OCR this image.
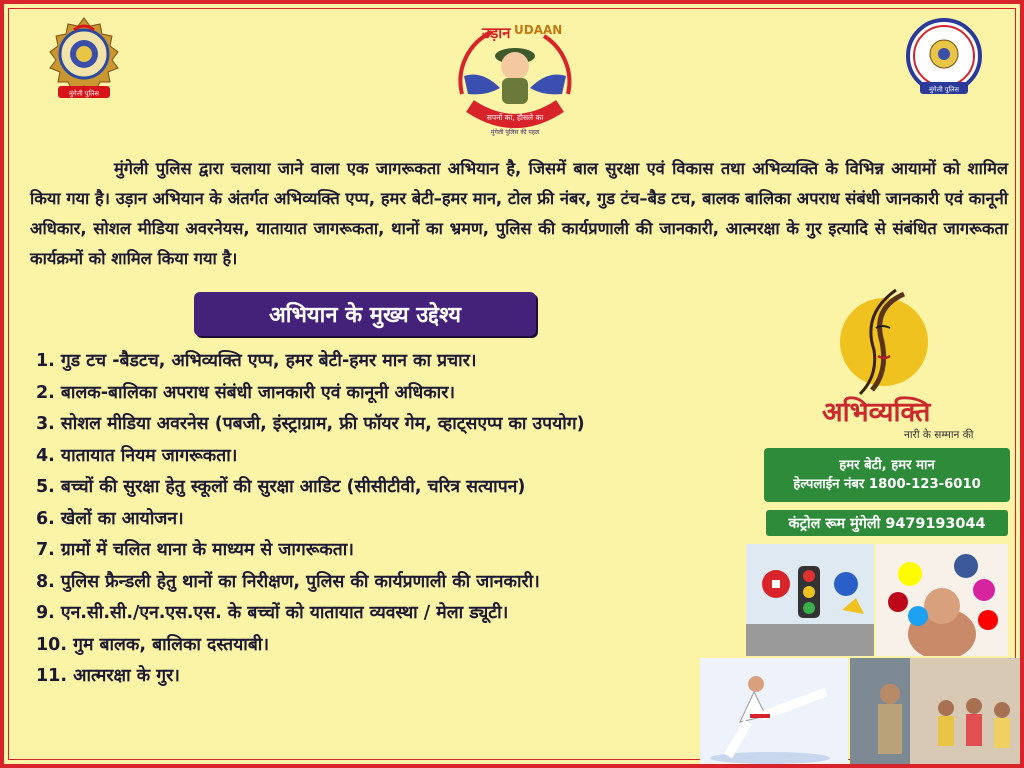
मुंगेली पुलिस
उड़ान UDAAN
सपनों का, हौसले का
मुंगेली पुलिस की पहल
मुंगेली पुलिस

मुंगेली पुलिस द्वारा चलाया जाने वाला एक जागरूकता अभियान है, जिसमें बाल सुरक्षा एवं विकास तथा अभिव्यक्ति के विभिन्न आयामों को शामिल किया गया है। उड़ान अभियान के अंतर्गत अभिव्यक्ति एप्प, हमर बेटी–हमर मान, टोल फ्री नंबर, गुड टंच–बैड टच, बालक बालिका अपराध संबंधी जानकारी एवं कानूनी अधिकार, सोशल मीडिया अवरनेयस, यातायात जागरूकता, थानों का भ्रमण, पुलिस की कार्यप्रणाली की जानकारी, आत्मरक्षा के गुर इत्यादि से संबंधित जागरूकता कार्यक्रमों को शामिल किया गया है।

अभियान के मुख्य उद्देश्य
1. गुड टच -बैडटच, अभिव्यक्ति एप्प, हमर बेटी-हमर मान का प्रचार।
2. बालक-बालिका अपराध संबंधी जानकारी एवं कानूनी अधिकार।
3. सोशल मीडिया अवरनेस (पबजी, इंस्ट्राग्राम, फ्री फॉयर गेम, व्हाट्सएप्प का उपयोग)
4. यातायात नियम जागरूकता।
5. बच्चों की सुरक्षा हेतु स्कूलों की सुरक्षा आडिट (सीसीटीवी, चरित्र सत्यापन)
6. खेलों का आयोजन।
7. ग्रामों में चलित थाना के माध्यम से जागरूकता।
8. पुलिस फ्रैन्डली हेतु थानों का निरीक्षण, पुलिस की कार्यप्रणाली की जानकारी।
9. एन.सी.सी./एन.एस.एस. के बच्चों को यातायात व्यवस्था / मेला ड्यूटी।
10. गुम बालक, बालिका दस्तयाबी।
11. आत्मरक्षा के गुर।
अभिव्यक्ति
नारी के सम्मान की
हमर बेटी, हमर मान
हेल्पलाईन नंबर 1800-123-6010
कंट्रोल रूम मुंगेली 9479193044
